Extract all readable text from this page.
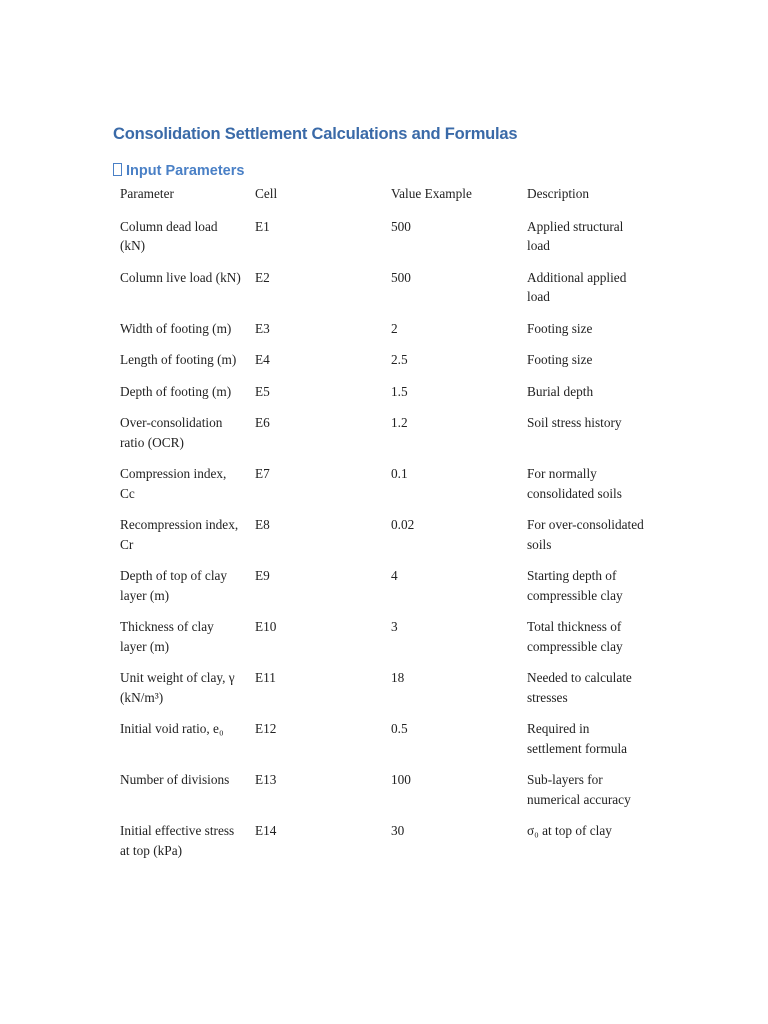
Consolidation Settlement Calculations and Formulas
Input Parameters
Parameter	Cell	Value Example	Description
Column dead load (kN)	E1	500	Applied structural load
Column live load (kN)	E2	500	Additional applied load
Width of footing (m)	E3	2	Footing size
Length of footing (m)	E4	2.5	Footing size
Depth of footing (m)	E5	1.5	Burial depth
Over-consolidation ratio (OCR)	E6	1.2	Soil stress history
Compression index, Cc	E7	0.1	For normally consolidated soils
Recompression index, Cr	E8	0.02	For over-consolidated soils
Depth of top of clay layer (m)	E9	4	Starting depth of compressible clay
Thickness of clay layer (m)	E10	3	Total thickness of compressible clay
Unit weight of clay, γ (kN/m³)	E11	18	Needed to calculate stresses
Initial void ratio, e₀	E12	0.5	Required in settlement formula
Number of divisions	E13	100	Sub-layers for numerical accuracy
Initial effective stress at top (kPa)	E14	30	σ₀ at top of clay
